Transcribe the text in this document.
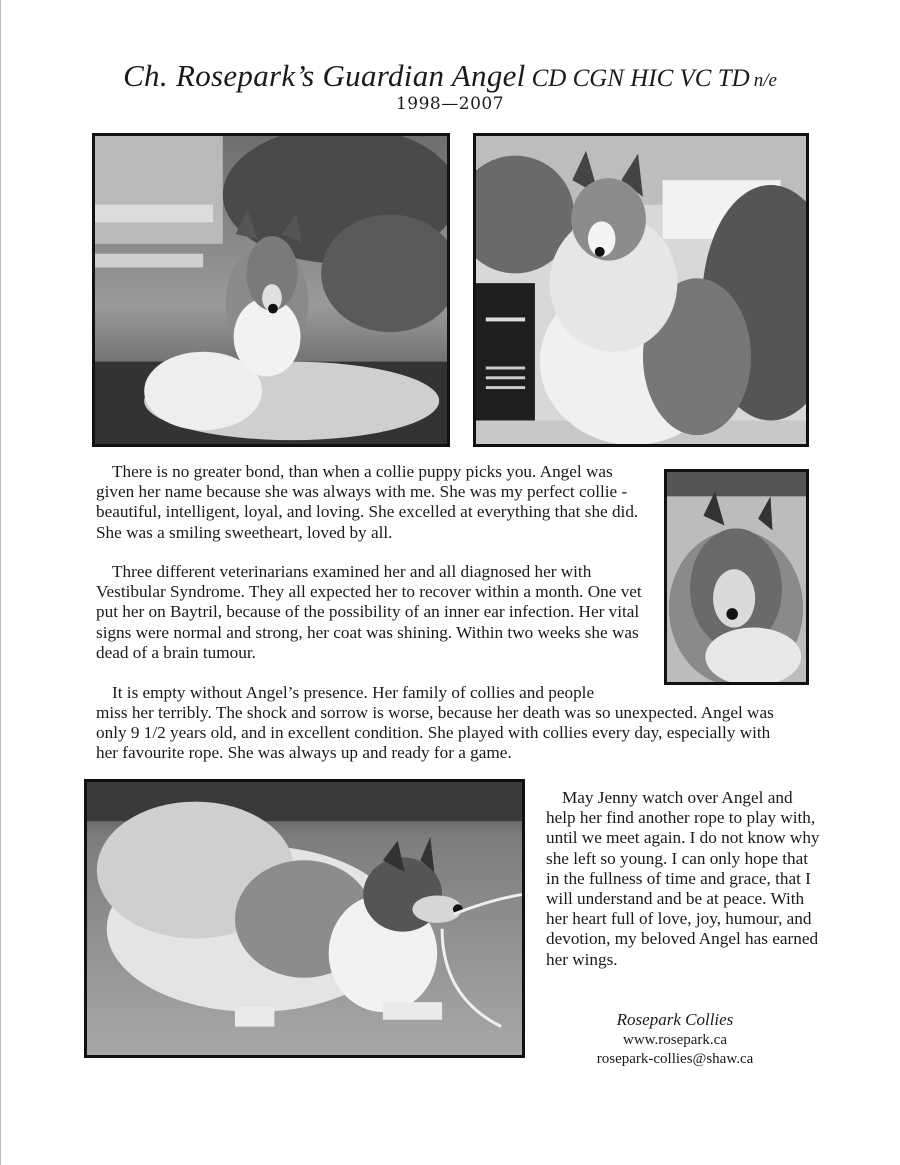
Ch. Rosepark’s Guardian Angel CD CGN HIC VC TD n/e
1998—2007

There is no greater bond, than when a collie puppy picks you. Angel was given her name because she was always with me. She was my perfect collie - beautiful, intelligent, loyal, and loving. She excelled at everything that she did. She was a smiling sweetheart, loved by all.

Three different veterinarians examined her and all diagnosed her with Vestibular Syndrome. They all expected her to recover within a month. One vet put her on Baytril, because of the possibility of an inner ear infection. Her vital signs were normal and strong, her coat was shining. Within two weeks she was dead of a brain tumour.

It is empty without Angel’s presence. Her family of collies and people

miss her terribly. The shock and sorrow is worse, because her death was so unexpected. Angel was only 9 1/2 years old, and in excellent condition. She played with collies every day, especially with her favourite rope. She was always up and ready for a game.

May Jenny watch over Angel and help her find another rope to play with, until we meet again. I do not know why she left so young. I can only hope that in the fullness of time and grace, that I will understand and be at peace. With her heart full of love, joy, humour, and devotion, my beloved Angel has earned her wings.

Rosepark Collies
www.rosepark.ca
rosepark-collies@shaw.ca
